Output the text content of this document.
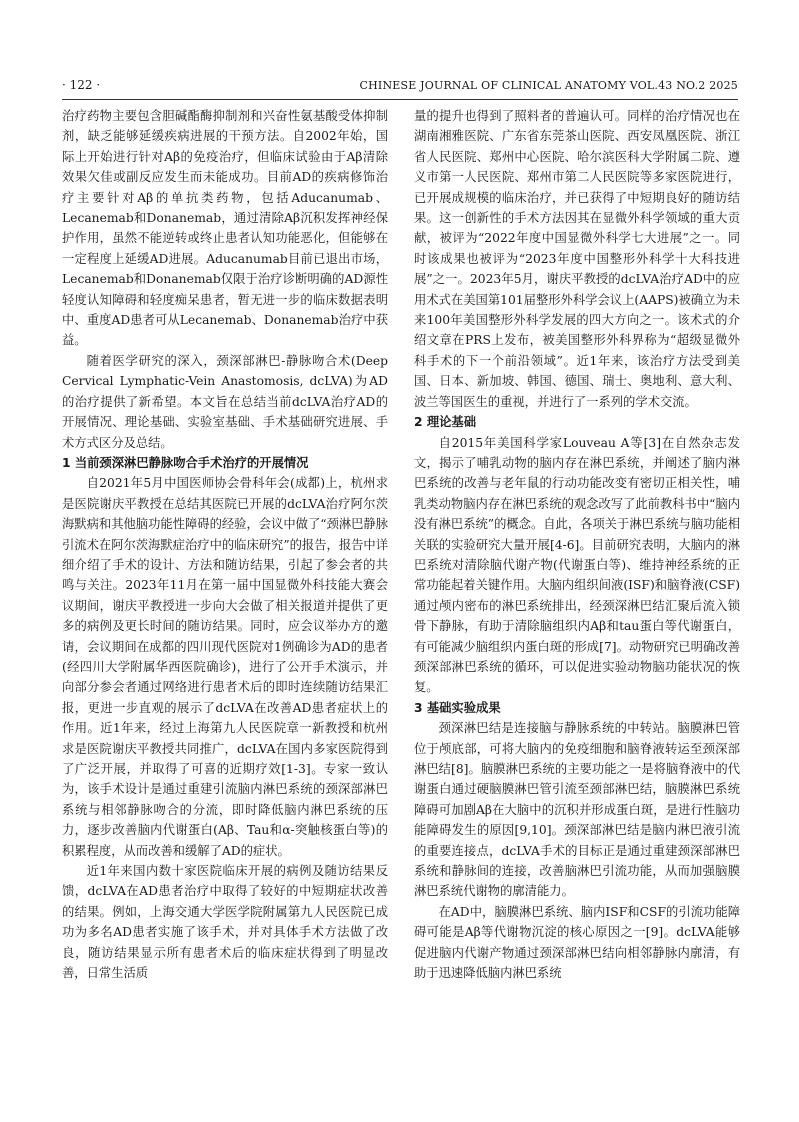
· 122 ·	CHINESE JOURNAL OF CLINICAL ANATOMY VOL.43 NO.2 2025

治疗药物主要包含胆碱酯酶抑制剂和兴奋性氨基酸受体抑制剂，缺乏能够延缓疾病进展的干预方法。自2002年始，国际上开始进行针对Aβ的免疫治疗，但临床试验由于Aβ清除效果欠佳或副反应发生而未能成功。目前AD的疾病修饰治疗主要针对Aβ的单抗类药物，包括Aducanumab、Lecanemab和Donanemab，通过清除Aβ沉积发挥神经保护作用，虽然不能逆转或终止患者认知功能恶化，但能够在一定程度上延缓AD进展。Aducanumab目前已退出市场，Lecanemab和Donanemab仅限于治疗诊断明确的AD源性轻度认知障碍和轻度痴呆患者，暂无进一步的临床数据表明中、重度AD患者可从Lecanemab、Donanemab治疗中获益。

随着医学研究的深入，颈深部淋巴-静脉吻合术(Deep Cervical Lymphatic-Vein Anastomosis, dcLVA)为AD的治疗提供了新希望。本文旨在总结当前dcLVA治疗AD的开展情况、理论基础、实验室基础、手术基础研究进展、手术方式区分及总结。

1 当前颈深淋巴静脉吻合手术治疗的开展情况

自2021年5月中国医师协会骨科年会(成都)上，杭州求是医院谢庆平教授在总结其医院已开展的dcLVA治疗阿尔茨海默病和其他脑功能性障碍的经验，会议中做了“颈淋巴静脉引流术在阿尔茨海默症治疗中的临床研究”的报告，报告中详细介绍了手术的设计、方法和随访结果，引起了参会者的共鸣与关注。2023年11月在第一届中国显微外科技能大赛会议期间，谢庆平教授进一步向大会做了相关报道并提供了更多的病例及更长时间的随访结果。同时，应会议举办方的邀请，会议期间在成都的四川现代医院对1例确诊为AD的患者(经四川大学附属华西医院确诊)，进行了公开手术演示，并向部分参会者通过网络进行患者术后的即时连续随访结果汇报，更进一步直观的展示了dcLVA在改善AD患者症状上的作用。近1年来，经过上海第九人民医院章一新教授和杭州求是医院谢庆平教授共同推广，dcLVA在国内多家医院得到了广泛开展，并取得了可喜的近期疗效[1-3]。专家一致认为，该手术设计是通过重建引流脑内淋巴系统的颈深部淋巴系统与相邻静脉吻合的分流，即时降低脑内淋巴系统的压力，逐步改善脑内代谢蛋白(Aβ、Tau和α-突触核蛋白等)的积累程度，从而改善和缓解了AD的症状。

近1年来国内数十家医院临床开展的病例及随访结果反馈，dcLVA在AD患者治疗中取得了较好的中短期症状改善的结果。例如，上海交通大学医学院附属第九人民医院已成功为多名AD患者实施了该手术，并对具体手术方法做了改良，随访结果显示所有患者术后的临床症状得到了明显改善，日常生活质

量的提升也得到了照料者的普遍认可。同样的治疗情况也在湖南湘雅医院、广东省东莞茶山医院、西安凤凰医院、浙江省人民医院、郑州中心医院、哈尔滨医科大学附属二院、遵义市第一人民医院、郑州市第二人民医院等多家医院进行，已开展成规模的临床治疗，并已获得了中短期良好的随访结果。这一创新性的手术方法因其在显微外科学领域的重大贡献，被评为“2022年度中国显微外科学七大进展”之一。同时该成果也被评为“2023年度中国整形外科学十大科技进展”之一。2023年5月，谢庆平教授的dcLVA治疗AD中的应用术式在美国第101届整形外科学会议上(AAPS)被确立为未来100年美国整形外科学发展的四大方向之一。该术式的介绍文章在PRS上发布，被美国整形外科界称为“超级显微外科手术的下一个前沿领域”。近1年来，该治疗方法受到美国、日本、新加坡、韩国、德国、瑞士、奥地利、意大利、波兰等国医生的重视，并进行了一系列的学术交流。

2 理论基础

自2015年美国科学家Louveau A等[3]在自然杂志发文，揭示了哺乳动物的脑内存在淋巴系统，并阐述了脑内淋巴系统的改善与老年鼠的行动功能改变有密切正相关性，哺乳类动物脑内存在淋巴系统的观念改写了此前教科书中“脑内没有淋巴系统”的概念。自此，各项关于淋巴系统与脑功能相关联的实验研究大量开展[4-6]。目前研究表明，大脑内的淋巴系统对清除脑代谢产物(代谢蛋白等)、维持神经系统的正常功能起着关键作用。大脑内组织间液(ISF)和脑脊液(CSF)通过颅内密布的淋巴系统排出，经颈深淋巴结汇聚后流入锁骨下静脉，有助于清除脑组织内Aβ和tau蛋白等代谢蛋白，有可能减少脑组织内蛋白斑的形成[7]。动物研究已明确改善颈深部淋巴系统的循环，可以促进实验动物脑功能状况的恢复。

3 基础实验成果

颈深淋巴结是连接脑与静脉系统的中转站。脑膜淋巴管位于颅底部，可将大脑内的免疫细胞和脑脊液转运至颈深部淋巴结[8]。脑膜淋巴系统的主要功能之一是将脑脊液中的代谢蛋白通过硬脑膜淋巴管引流至颈部淋巴结，脑膜淋巴系统障碍可加剧Aβ在大脑中的沉积并形成蛋白斑，是进行性脑功能障碍发生的原因[9,10]。颈深部淋巴结是脑内淋巴液引流的重要连接点，dcLVA手术的目标正是通过重建颈深部淋巴系统和静脉间的连接，改善脑淋巴引流功能，从而加强脑膜淋巴系统代谢物的廓清能力。

在AD中，脑膜淋巴系统、脑内ISF和CSF的引流功能障碍可能是Aβ等代谢物沉淀的核心原因之一[9]。dcLVA能够促进脑内代谢产物通过颈深部淋巴结向相邻静脉内廓清，有助于迅速降低脑内淋巴系统
